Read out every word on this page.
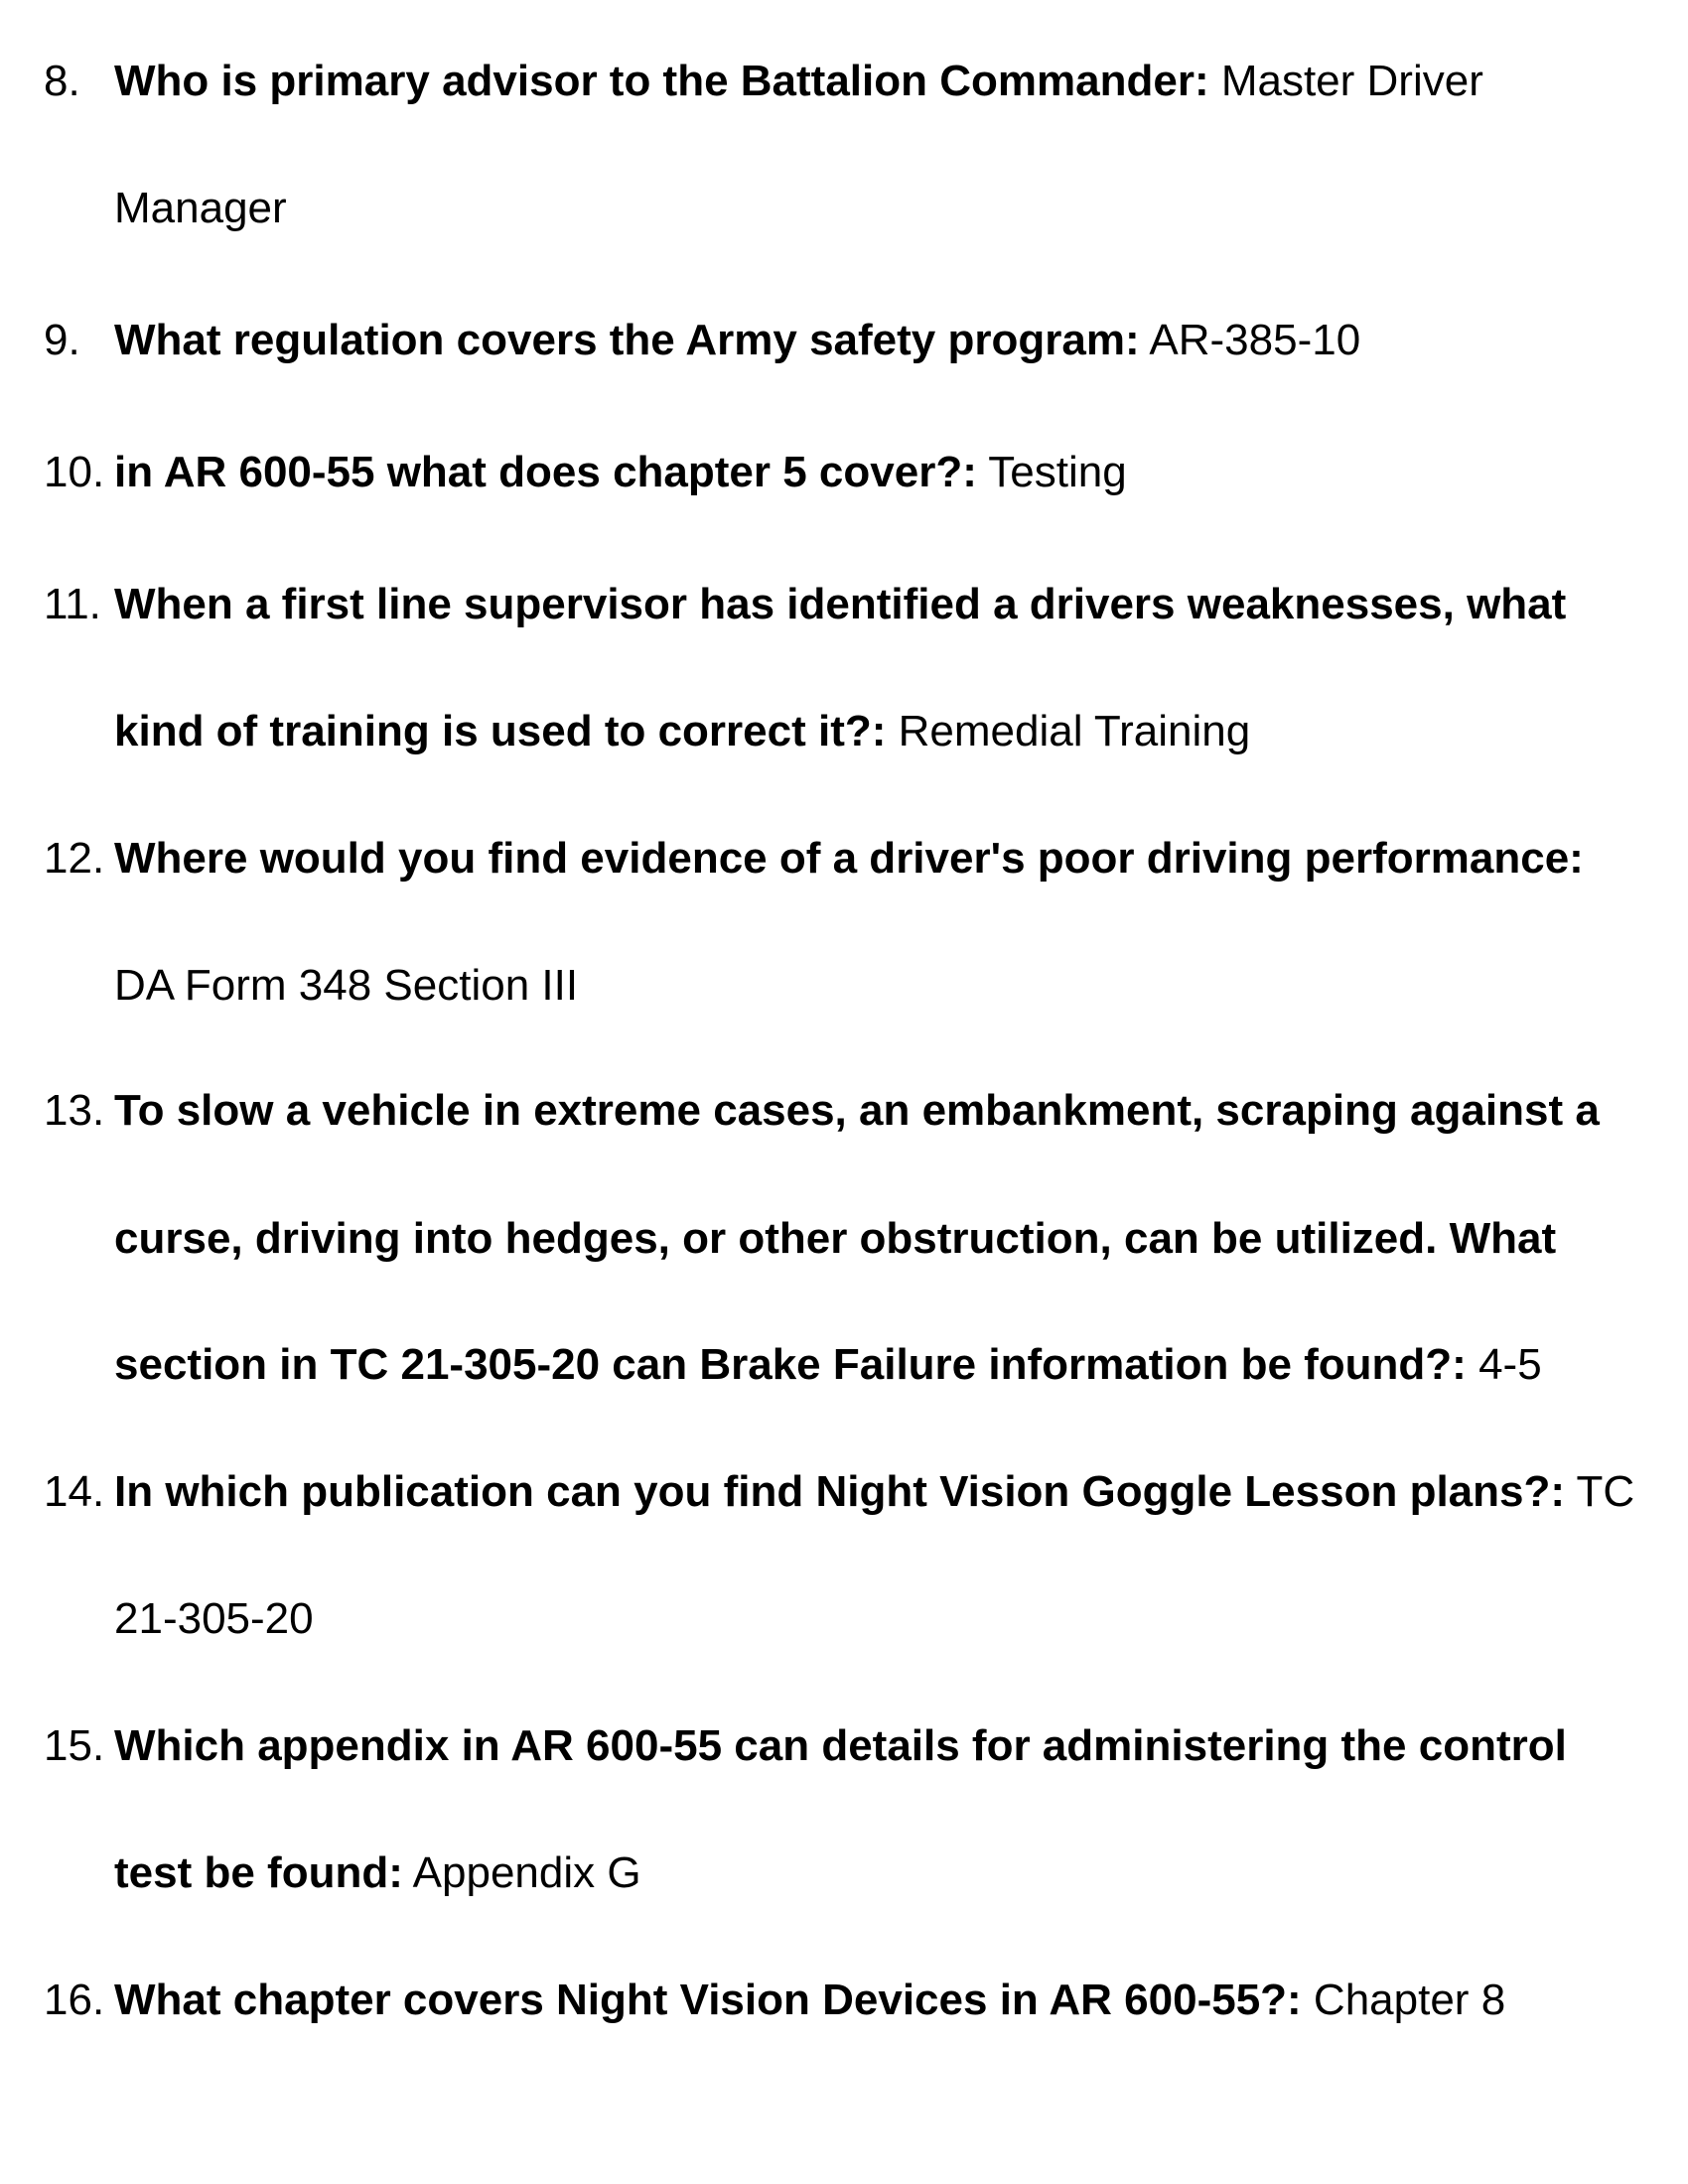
8. Who is primary advisor to the Battalion Commander: Master Driver
Manager
9. What regulation covers the Army safety program: AR-385-10
10. in AR 600-55 what does chapter 5 cover?: Testing
11. When a first line supervisor has identified a drivers weaknesses, what
kind of training is used to correct it?: Remedial Training
12. Where would you find evidence of a driver's poor driving performance:
DA Form 348 Section III
13. To slow a vehicle in extreme cases, an embankment, scraping against a
curse, driving into hedges, or other obstruction, can be utilized. What
section in TC 21-305-20 can Brake Failure information be found?: 4-5
14. In which publication can you find Night Vision Goggle Lesson plans?: TC
21-305-20
15. Which appendix in AR 600-55 can details for administering the control
test be found: Appendix G
16. What chapter covers Night Vision Devices in AR 600-55?: Chapter 8
